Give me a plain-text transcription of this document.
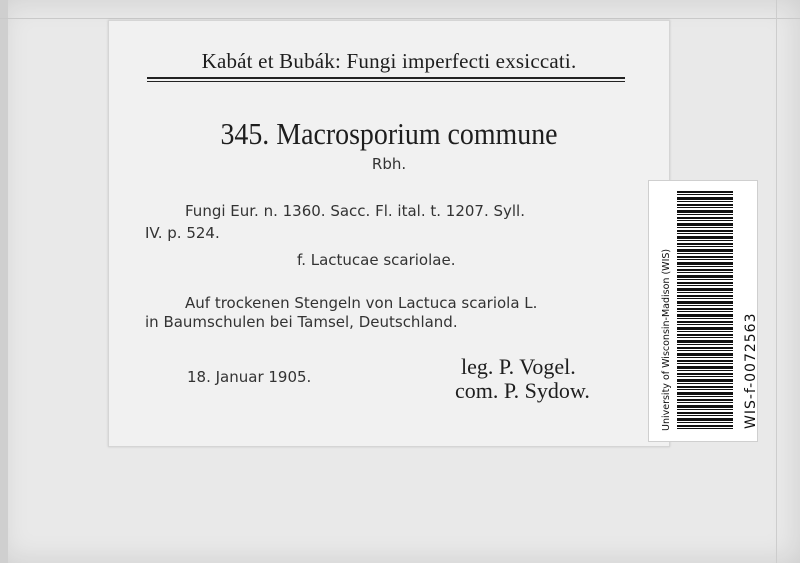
Kabát et Bubák: Fungi imperfecti exsiccati.
345. Macrosporium commune
Rbh.
Fungi Eur. n. 1360. Sacc. Fl. ital. t. 1207. Syll.
IV. p. 524.
f. Lactucae scariolae.
Auf trockenen Stengeln von Lactuca scariola L.
in Baumschulen bei Tamsel, Deutschland.
18. Januar 1905.	leg. P. Vogel.
com. P. Sydow.	University of Wisconsin-Madison (WIS)	WIS-f-0072563
